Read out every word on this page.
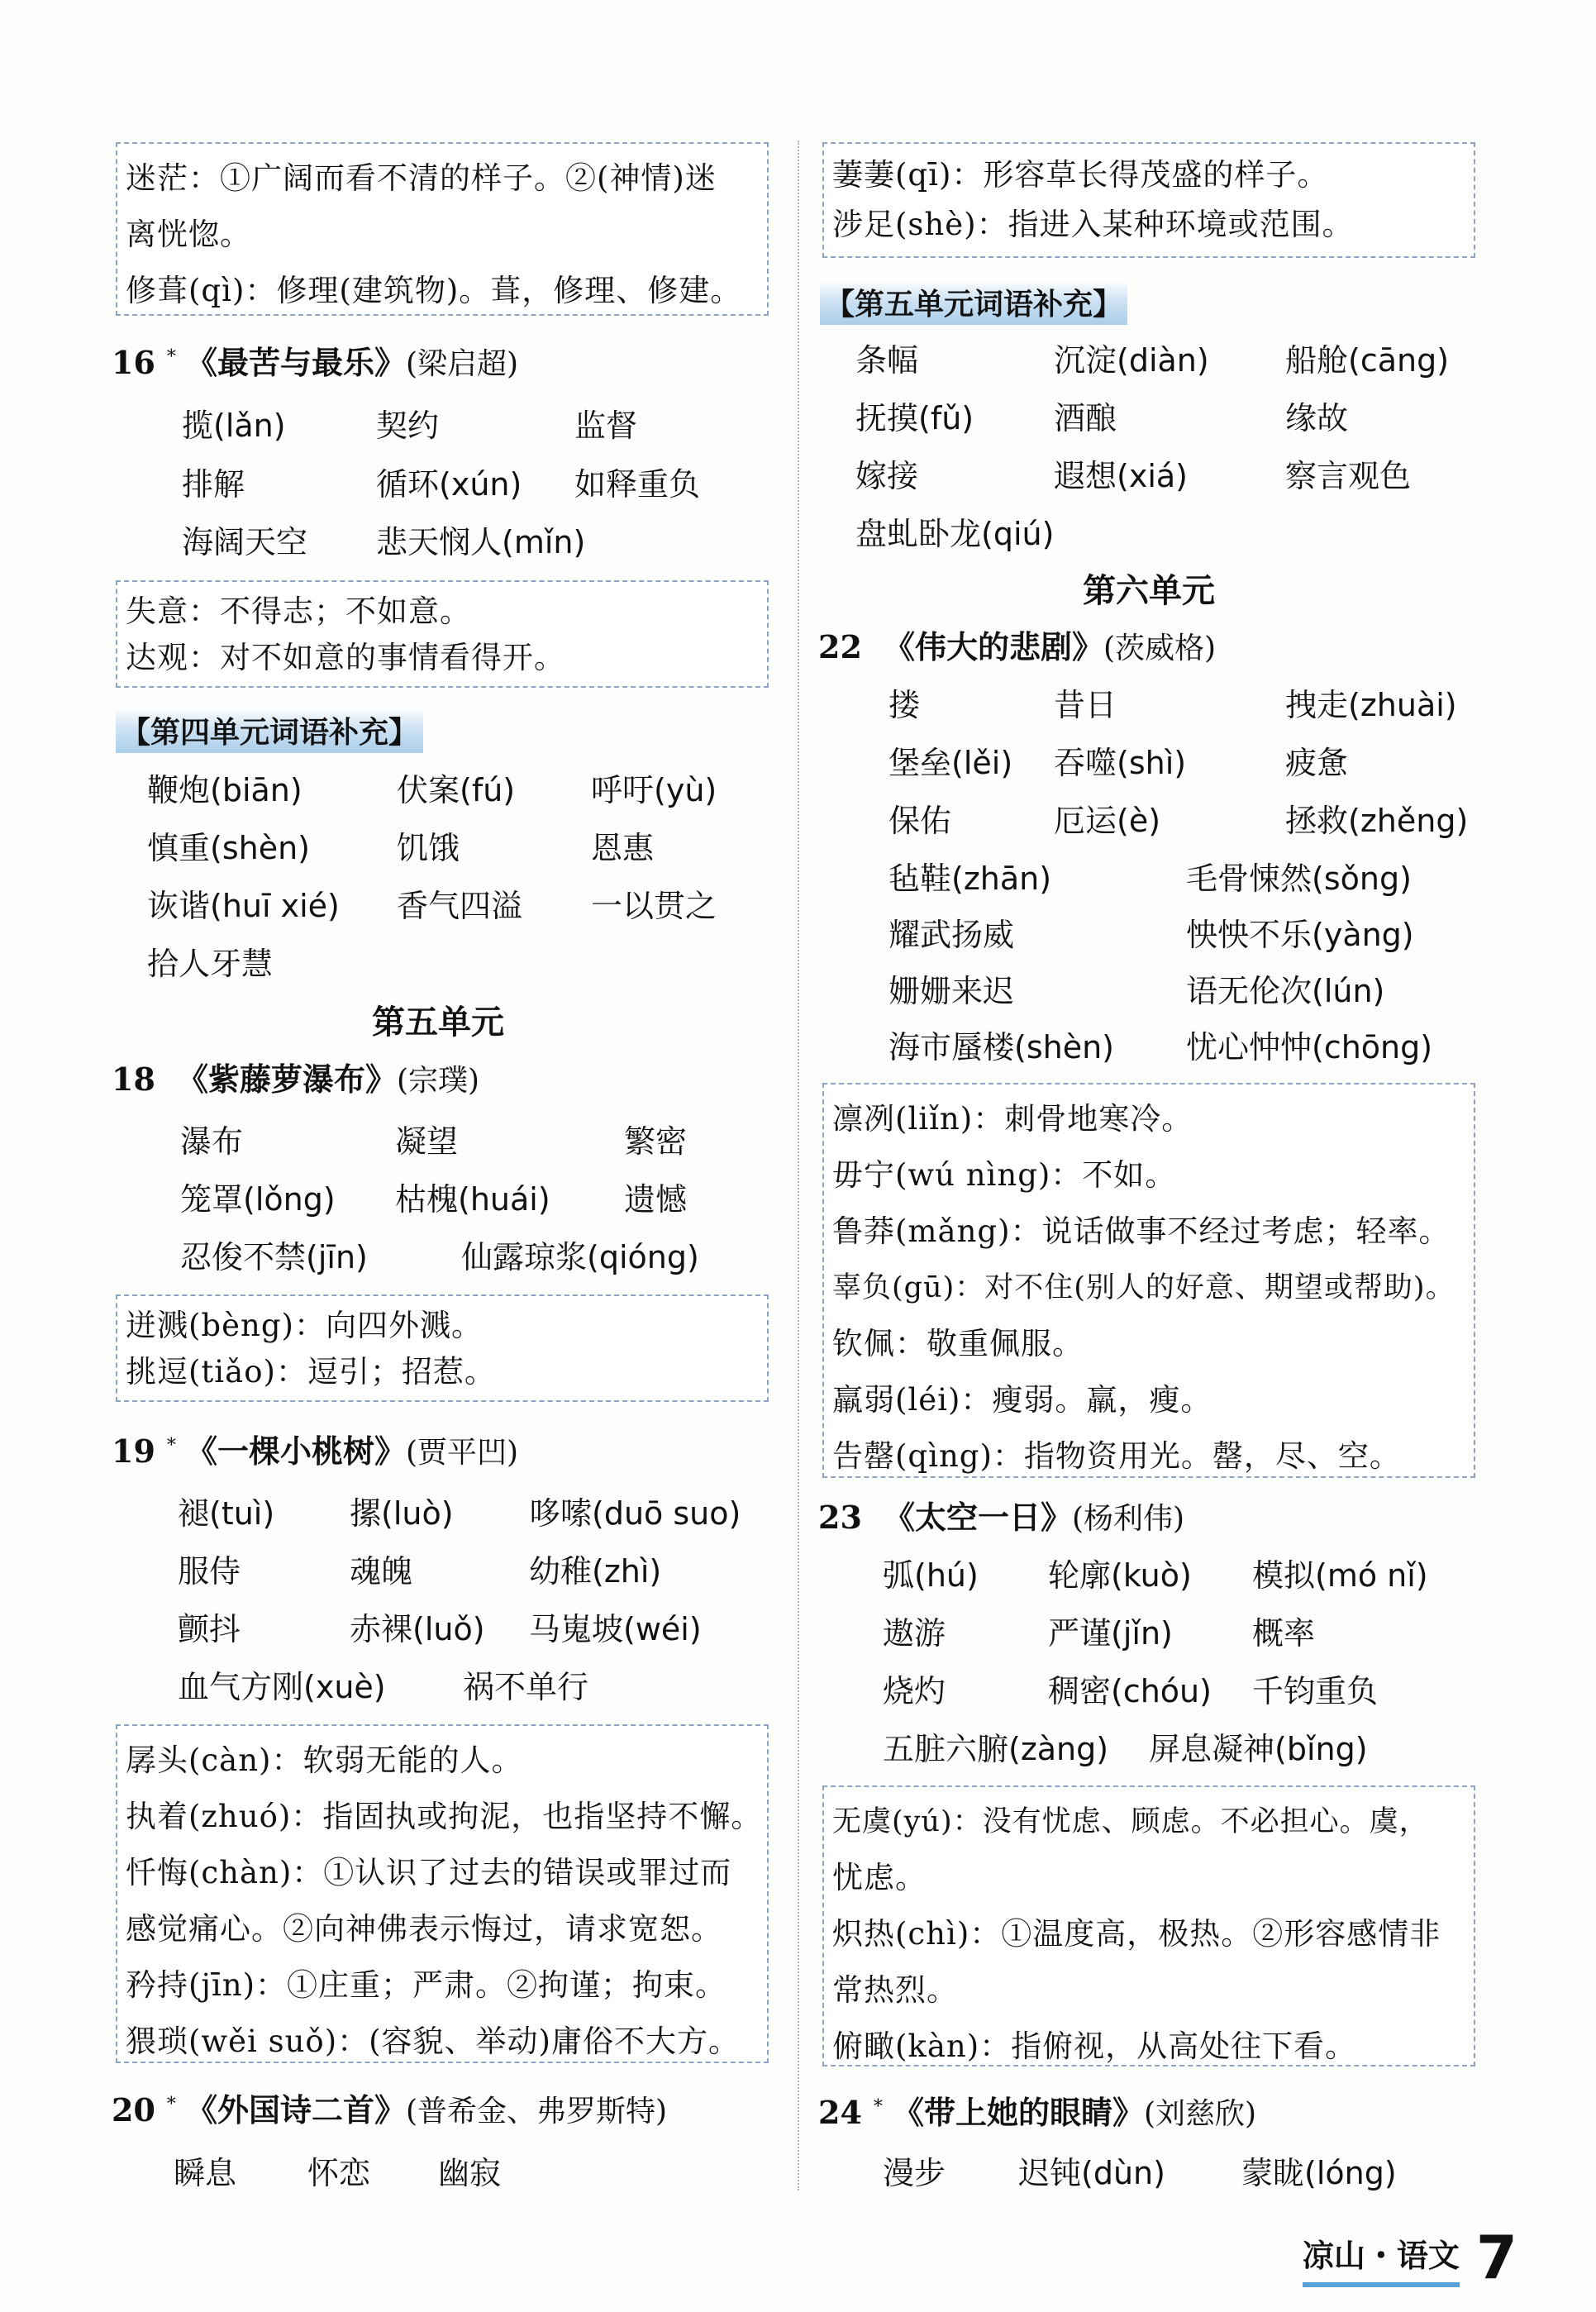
迷茫：①广阔而看不清的样子。②(神情)迷
离恍惚。
修葺(qì)：修理(建筑物)。葺，修理、修建。
16 * 《最苦与最乐》(梁启超)
揽(lǎn)	契约	监督
排解	循环(xún) 如释重负
海阔天空 悲天悯人(mǐn)
失意：不得志；不如意。
达观：对不如意的事情看得开。
【第四单元词语补充】
鞭炮(biān)	伏案(fú) 呼吁(yù)
慎重(shèn)	饥饿	恩惠
诙谐(huī xié) 香气四溢 一以贯之
拾人牙慧
第五单元
18 《紫藤萝瀑布》(宗璞)
瀑布	凝望	繁密
笼罩(lǒng) 枯槐(huái) 遗憾
忍俊不禁(jīn)	仙露琼浆(qióng)
迸溅(bèng)：向四外溅。
挑逗(tiǎo)：逗引；招惹。
19 * 《一棵小桃树》(贾平凹)
褪(tuì) 摞(luò) 哆嗦(duō suo)
服侍	魂魄	幼稚(zhì)
颤抖	赤裸(luǒ) 马嵬坡(wéi)
血气方刚(xuè) 祸不单行
孱头(càn)：软弱无能的人。
执着(zhuó)：指固执或拘泥，也指坚持不懈。
忏悔(chàn)：①认识了过去的错误或罪过而
感觉痛心。②向神佛表示悔过，请求宽恕。
矜持(jīn)：①庄重；严肃。②拘谨；拘束。
猥琐(wěi suǒ)：(容貌、举动)庸俗不大方。
20 * 《外国诗二首》(普希金、弗罗斯特)
瞬息 怀恋 幽寂
萋萋(qī)：形容草长得茂盛的样子。
涉足(shè)：指进入某种环境或范围。
【第五单元词语补充】
条幅	沉淀(diàn) 船舱(cāng)
抚摸(fǔ)	酒酿	缘故
嫁接	遐想(xiá)	察言观色
盘虬卧龙(qiú)
第六单元
22 《伟大的悲剧》(茨威格)
搂	昔日	拽走(zhuài)
堡垒(lěi) 吞噬(shì)	疲惫
保佑	厄运(è)	拯救(zhěng)
毡鞋(zhān)	毛骨悚然(sǒng)
耀武扬威	怏怏不乐(yàng)
姗姗来迟	语无伦次(lún)
海市蜃楼(shèn) 忧心忡忡(chōng)
凛冽(liǐn)：刺骨地寒冷。
毋宁(wú nìng)：不如。
鲁莽(mǎng)：说话做事不经过考虑；轻率。
辜负(gū)：对不住(别人的好意、期望或帮助)。
钦佩：敬重佩服。
羸弱(léi)：瘦弱。羸，瘦。
告罄(qìng)：指物资用光。罄，尽、空。
23 《太空一日》(杨利伟)
弧(hú) 轮廓(kuò) 模拟(mó nǐ)
遨游	严谨(jǐn)	概率
烧灼	稠密(chóu) 千钧重负
五脏六腑(zàng) 屏息凝神(bǐng)
无虞(yú)：没有忧虑、顾虑。不必担心。虞，
忧虑。
炽热(chì)：①温度高，极热。②形容感情非
常热烈。
俯瞰(kàn)：指俯视，从高处往下看。
24 * 《带上她的眼睛》(刘慈欣)
漫步 迟钝(dùn) 蒙眬(lóng)
凉山・语文 7
